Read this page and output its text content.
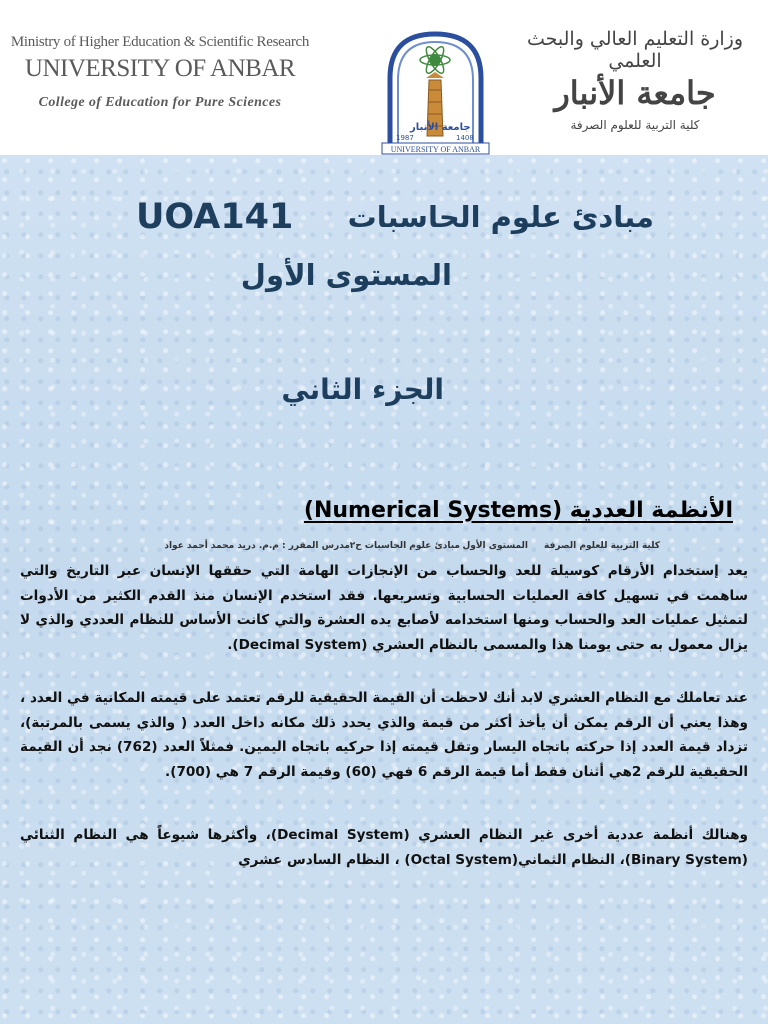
Ministry of Higher Education & Scientific Research
UNIVERSITY OF ANBAR
College of Education for Pure Sciences
جامعة الأنبار
1987	1408
UNIVERSITY OF ANBAR
وزارة التعليم العالي والبحث العلمي
جامعة الأنبار
كلية التربية للعلوم الصرفة
مبادئ علوم الحاسبات
UOA141
المستوى الأول
الجزء الثاني
كلية التربية للعلوم الصرفة
المستوى الأول
مبادئ علوم الحاسبات ح٢
مدرس المقرر : م.م. دريد محمد أحمد عواد
الأنظمة العددية (Numerical Systems)
يعد إستخدام الأرقام كوسيلة للعد والحساب من الإنجازات الهامة التي حققها الإنسان عبر التاريخ والتي ساهمت في تسهيل كافة العمليات الحسابية وتسريعها. فقد استخدم الإنسان منذ القدم الكثير من الأدوات لتمثيل عمليات العد والحساب ومنها استخدامه لأصابع يده العشرة والتي كانت الأساس للنظام العددي والذي لا يزال معمول به حتى يومنا هذا والمسمى بالنظام العشري (Decimal System).
عند تعاملك مع النظام العشري لابد أنك لاحظت أن القيمة الحقيقية للرقم تعتمد على قيمته المكانية في العدد ، وهذا يعني أن الرقم يمكن أن يأخذ أكثر من قيمة والذي يحدد ذلك مكانه داخل العدد ( والذي يسمى بالمرتبة)، تزداد قيمة العدد إذا حركته باتجاه اليسار وتقل قيمته إذا حركيه باتجاه اليمين. فمثلاً العدد (762) نجد أن القيمة الحقيقية للرقم 2هي أثنان فقط أما قيمة الرقم 6 فهي (60) وقيمة الرقم 7 هي (700).
وهنالك أنظمة عددية أخرى غير النظام العشري (Decimal System)، وأكثرها شيوعاً هي النظام الثنائي (Binary System)، النظام الثماني(Octal System) ، النظام السادس عشري
